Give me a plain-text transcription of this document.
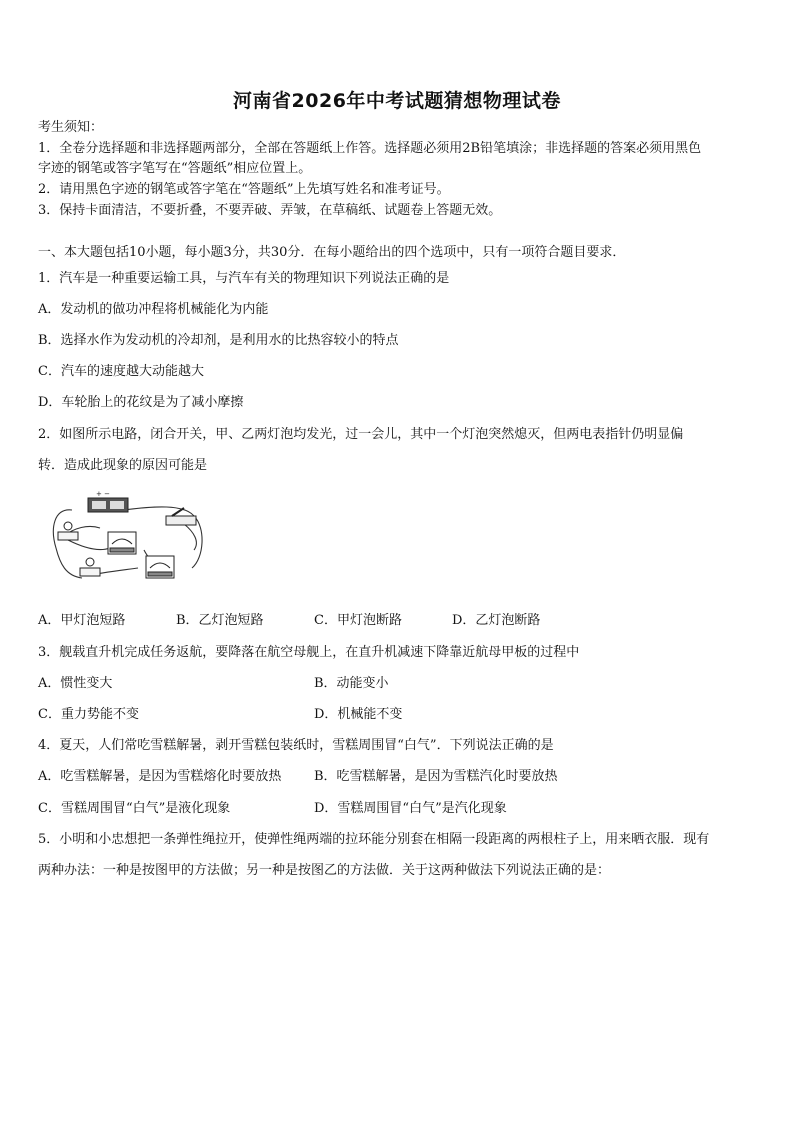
河南省2026年中考试题猜想物理试卷
考生须知：
1．全卷分选择题和非选择题两部分，全部在答题纸上作答。选择题必须用2B铅笔填涂；非选择题的答案必须用黑色
字迹的钢笔或答字笔写在“答题纸”相应位置上。
2．请用黑色字迹的钢笔或答字笔在“答题纸”上先填写姓名和准考证号。
3．保持卡面清洁，不要折叠，不要弄破、弄皱，在草稿纸、试题卷上答题无效。
一、本大题包括10小题，每小题3分，共30分．在每小题给出的四个选项中，只有一项符合题目要求．
1．汽车是一种重要运输工具，与汽车有关的物理知识下列说法正确的是
A．发动机的做功冲程将机械能化为内能
B．选择水作为发动机的冷却剂，是利用水的比热容较小的特点
C．汽车的速度越大动能越大
D．车轮胎上的花纹是为了减小摩擦
2．如图所示电路，闭合开关，甲、乙两灯泡均发光，过一会儿，其中一个灯泡突然熄灭，但两电表指针仍明显偏
转．造成此现象的原因可能是
+ −
A．甲灯泡短路	B．乙灯泡短路	C．甲灯泡断路	D．乙灯泡断路
3．舰载直升机完成任务返航，要降落在航空母舰上，在直升机减速下降靠近航母甲板的过程中
A．惯性变大	B．动能变小
C．重力势能不变	D．机械能不变
4．夏天，人们常吃雪糕解暑，剥开雪糕包装纸时，雪糕周围冒“白气”．下列说法正确的是
A．吃雪糕解暑，是因为雪糕熔化时要放热	B．吃雪糕解暑，是因为雪糕汽化时要放热
C．雪糕周围冒“白气”是液化现象	D．雪糕周围冒“白气”是汽化现象
5．小明和小忠想把一条弹性绳拉开，使弹性绳两端的拉环能分别套在相隔一段距离的两根柱子上，用来晒衣服．现有
两种办法：一种是按图甲的方法做；另一种是按图乙的方法做．关于这两种做法下列说法正确的是：
